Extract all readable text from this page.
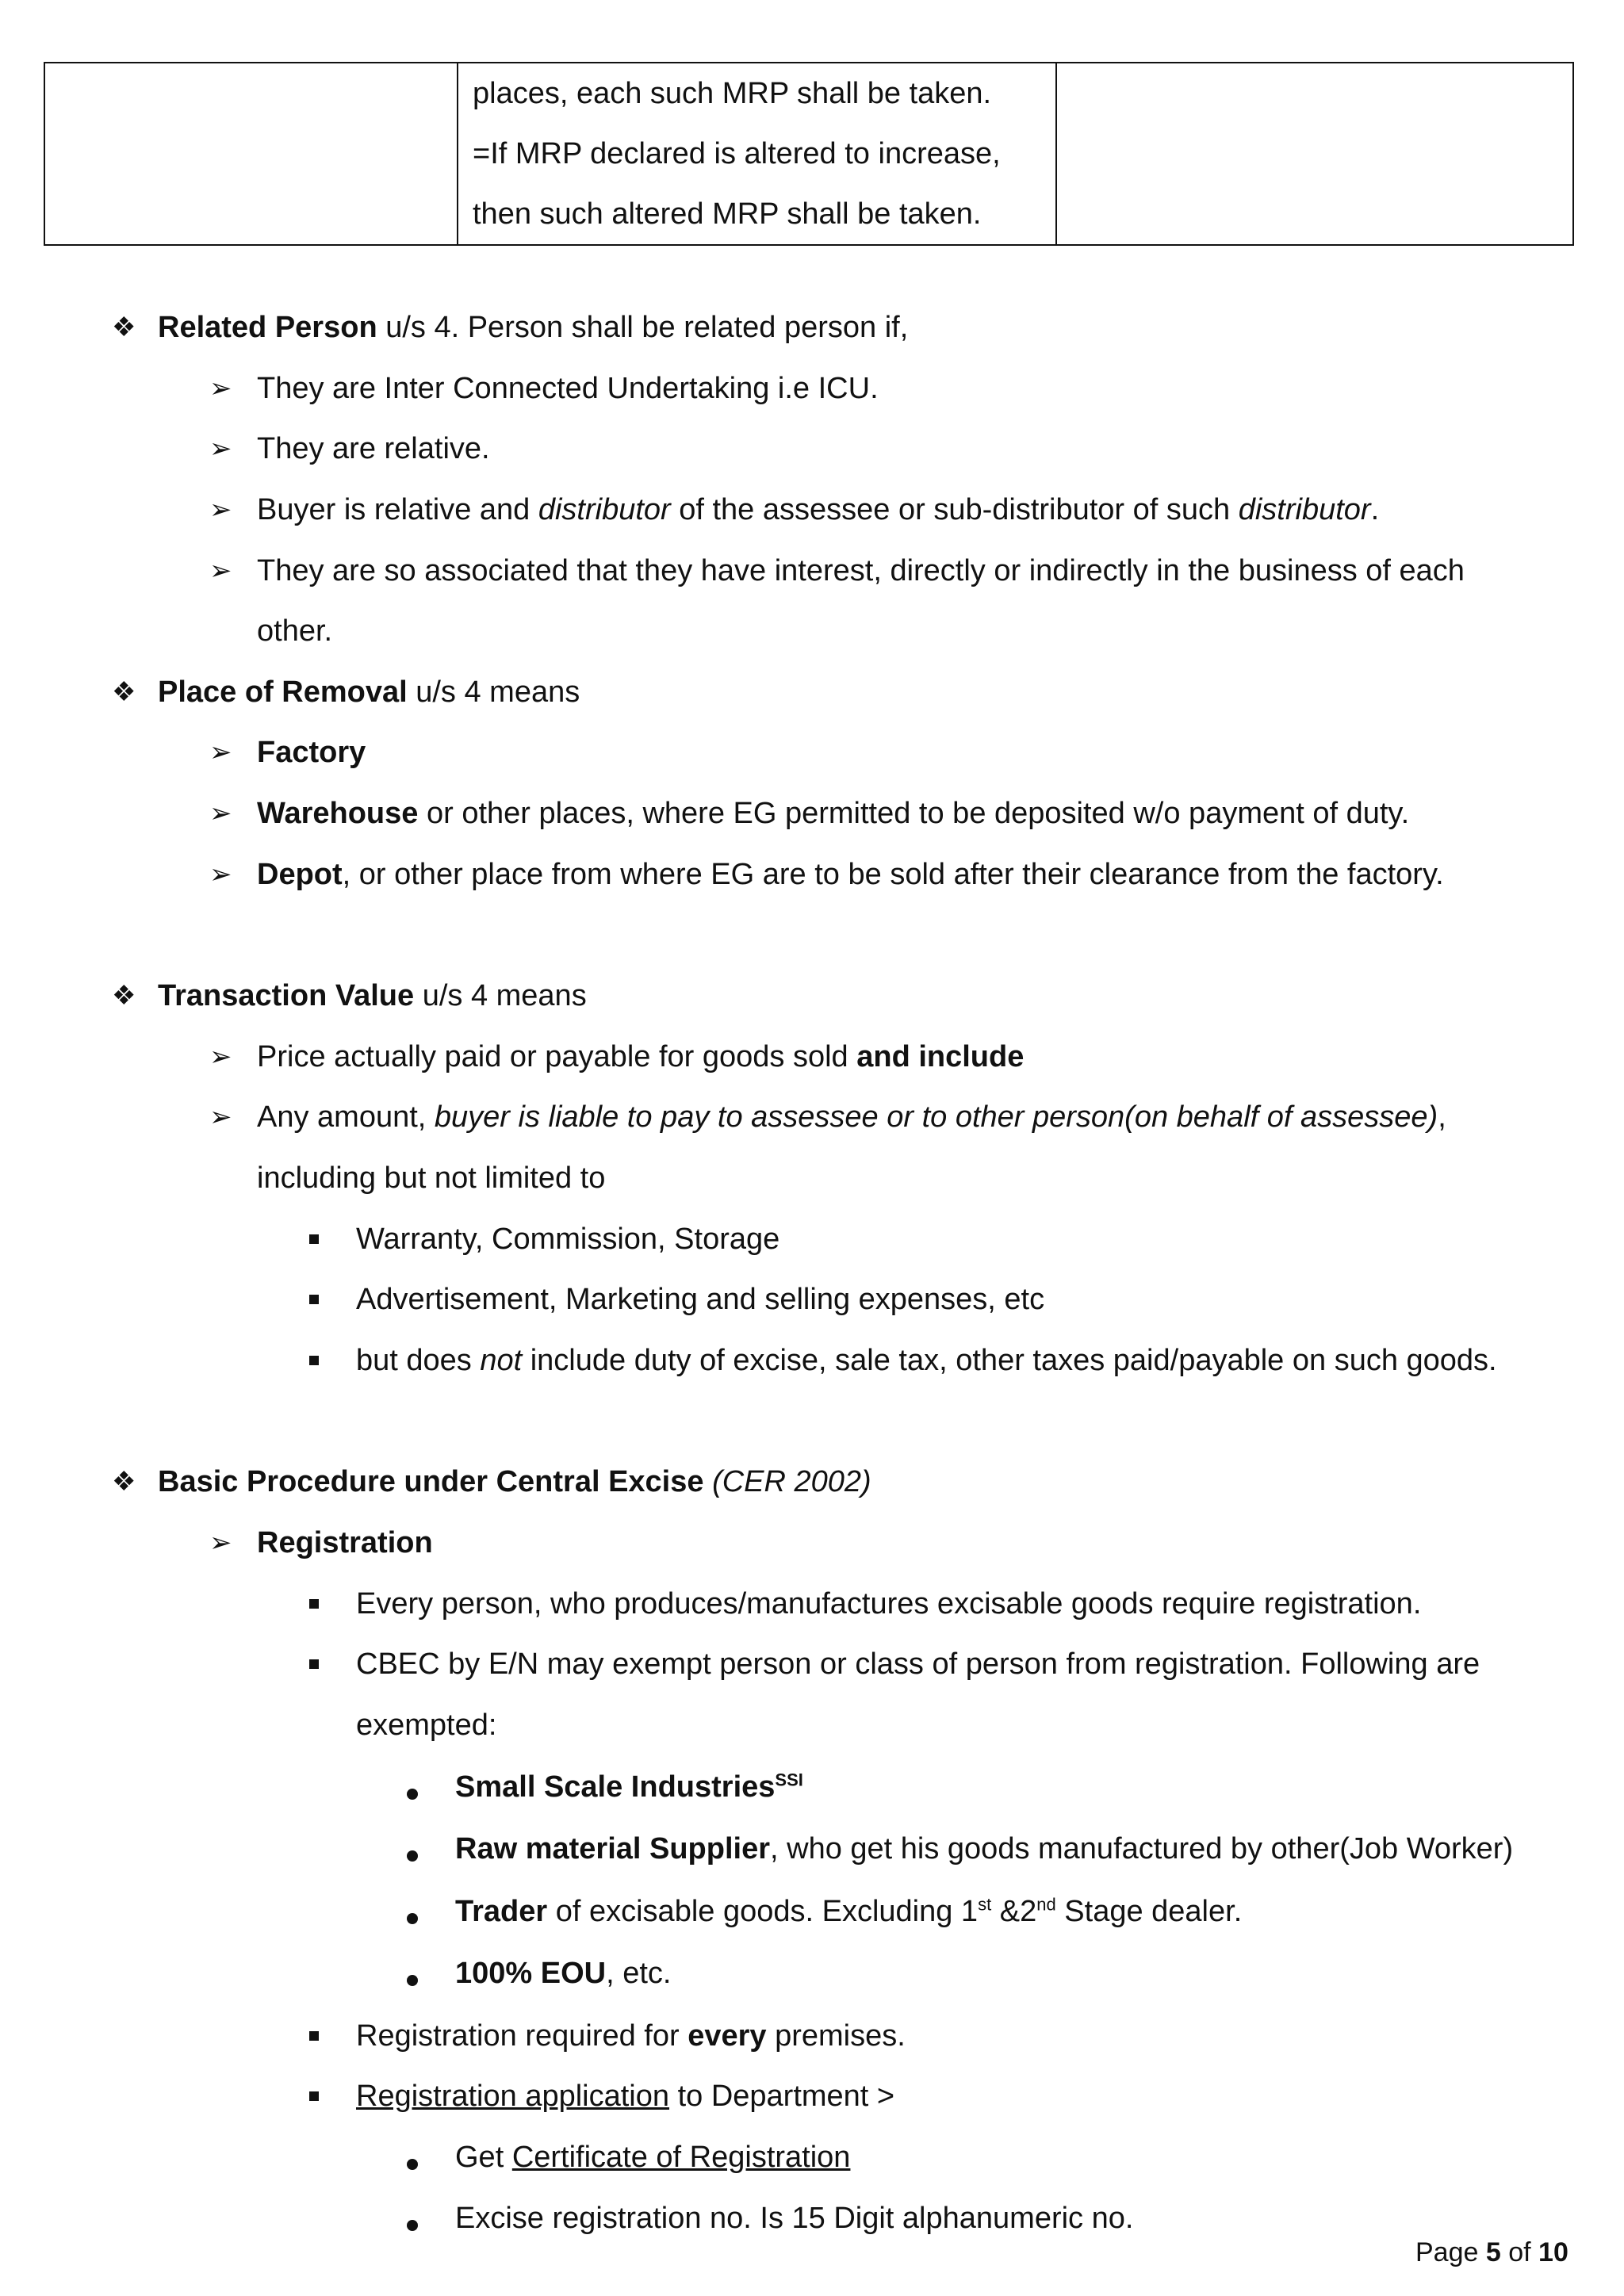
places, each such MRP shall be taken.
=If MRP declared is altered to increase,
then such altered MRP shall be taken.

❖ Related Person u/s 4. Person shall be related person if,
➢ They are Inter Connected Undertaking i.e ICU.
➢ They are relative.
➢ Buyer is relative and distributor of the assessee or sub-distributor of such distributor.
➢ They are so associated that they have interest, directly or indirectly in the business of each
other.
❖ Place of Removal u/s 4 means
➢ Factory
➢ Warehouse or other places, where EG permitted to be deposited w/o payment of duty.
➢ Depot, or other place from where EG are to be sold after their clearance from the factory.
❖ Transaction Value u/s 4 means
➢ Price actually paid or payable for goods sold and include
➢ Any amount, buyer is liable to pay to assessee or to other person(on behalf of assessee),
including but not limited to
Warranty, Commission, Storage
Advertisement, Marketing and selling expenses, etc
but does not include duty of excise, sale tax, other taxes paid/payable on such goods.
❖ Basic Procedure under Central Excise (CER 2002)
➢ Registration
Every person, who produces/manufactures excisable goods require registration.
CBEC by E/N may exempt person or class of person from registration. Following are
exempted:
Small Scale Industries$^{SSI}$
Raw material Supplier, who get his goods manufactured by other(Job Worker)
Trader of excisable goods. Excluding 1st &2nd Stage dealer.
100% EOU, etc.
Registration required for every premises.
Registration application to Department >
Get Certificate of Registration
Excise registration no. Is 15 Digit alphanumeric no.
Page 5 of 10
